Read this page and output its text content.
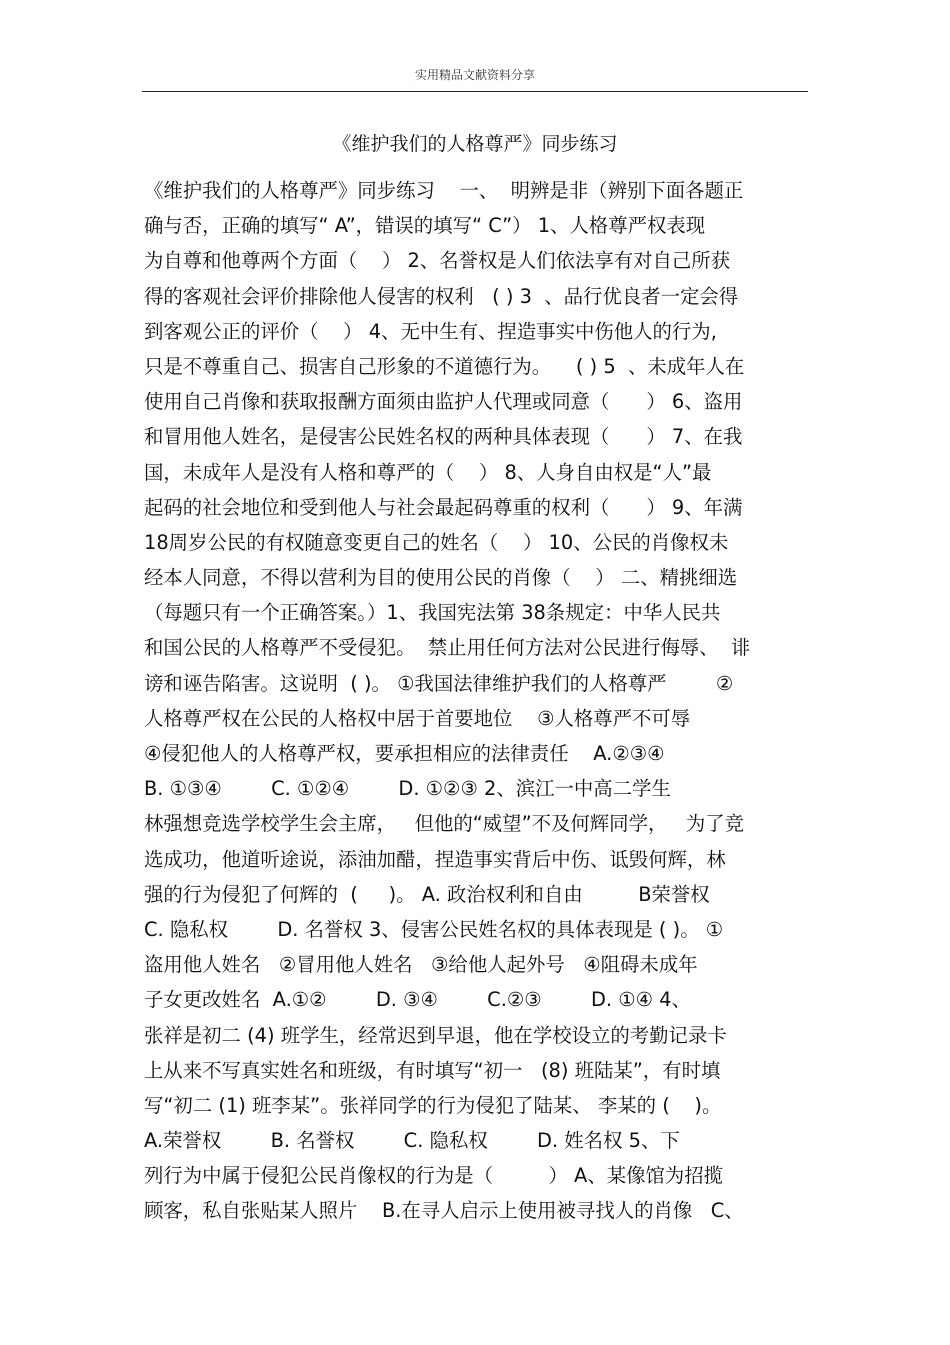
实用精品文献资料分享
《维护我们的人格尊严》同步练习
《维护我们的人格尊严》同步练习    一、  明辨是非（辨别下面各题正
确与否，正确的填写“ A”，错误的填写“ C”） 1、人格尊严权表现
为自尊和他尊两个方面（    ） 2、名誉权是人们依法享有对自己所获
得的客观社会评价排除他人侵害的权利   ( ) 3  、品行优良者一定会得
到客观公正的评价（    ） 4、无中生有、捏造事实中伤他人的行为,
只是不尊重自己、损害自己形象的不道德行为。    ( ) 5  、未成年人在
使用自己肖像和获取报酬方面须由监护人代理或同意（      ） 6、盗用
和冒用他人姓名，是侵害公民姓名权的两种具体表现（      ） 7、在我
国，未成年人是没有人格和尊严的（    ） 8、人身自由权是“人”最
起码的社会地位和受到他人与社会最起码尊重的权利（      ） 9、年满
18周岁公民的有权随意变更自己的姓名（    ） 10、公民的肖像权未
经本人同意，不得以营利为目的使用公民的肖像（    ） 二、精挑细选
（每题只有一个正确答案。）1、我国宪法第 38条规定：中华人民共
和国公民的人格尊严不受侵犯。  禁止用任何方法对公民进行侮辱、  诽
谤和诬告陷害。这说明  ( )。 ①我国法律维护我们的人格尊严        ②
人格尊严权在公民的人格权中居于首要地位    ③人格尊严不可辱
④侵犯他人的人格尊严权，要承担相应的法律责任    A.②③④
B. ①③④        C. ①②④        D. ①②③ 2、滨江一中高二学生
林强想竞选学校学生会主席，   但他的“威望”不及何辉同学，   为了竞
选成功，他道听途说，添油加醋，捏造事实背后中伤、诋毁何辉，林
强的行为侵犯了何辉的  (     )。 A. 政治权利和自由         B荣誉权
C. 隐私权        D. 名誉权 3、侵害公民姓名权的具体表现是 ( )。 ①
盗用他人姓名   ②冒用他人姓名   ③给他人起外号   ④阻碍未成年
子女更改姓名  A.①②        D. ③④        C.②③        D. ①④ 4、
张祥是初二 (4) 班学生，经常迟到早退，他在学校设立的考勤记录卡
上从来不写真实姓名和班级，有时填写“初一   (8) 班陆某”，有时填
写“初二 (1) 班李某”。张祥同学的行为侵犯了陆某、 李某的 (    )。
A.荣誉权        B. 名誉权        C. 隐私权        D. 姓名权 5、下
列行为中属于侵犯公民肖像权的行为是（         ） A、某像馆为招揽
顾客，私自张贴某人照片    B.在寻人启示上使用被寻找人的肖像   C、
